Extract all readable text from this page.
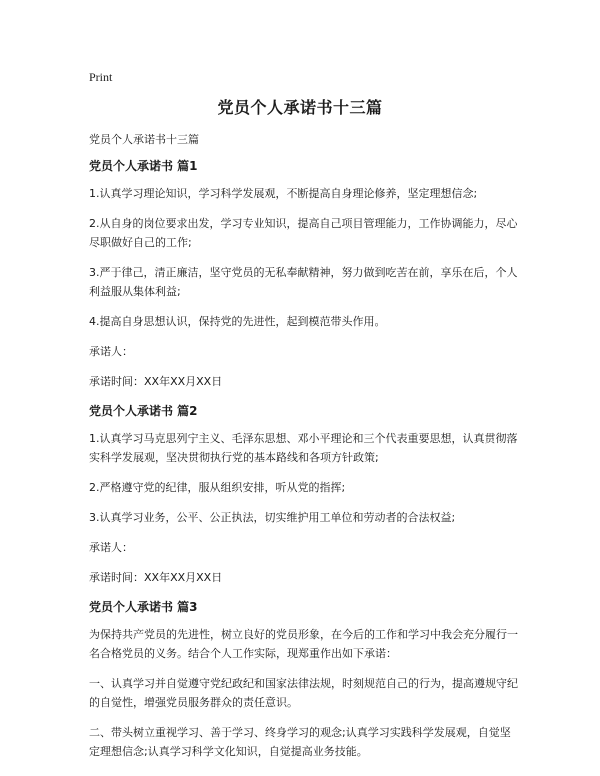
Print
党员个人承诺书十三篇

党员个人承诺书十三篇

党员个人承诺书 篇1

1.认真学习理论知识，学习科学发展观，不断提高自身理论修养，坚定理想信念;

2.从自身的岗位要求出发，学习专业知识，提高自己项目管理能力，工作协调能力，尽心尽职做好自己的工作;

3.严于律己，清正廉洁，坚守党员的无私奉献精神，努力做到吃苦在前，享乐在后，个人利益服从集体利益;

4.提高自身思想认识，保持党的先进性，起到模范带头作用。

承诺人：

承诺时间：XX年XX月XX日

党员个人承诺书 篇2

1.认真学习马克思列宁主义、毛泽东思想、邓小平理论和三个代表重要思想，认真贯彻落实科学发展观，坚决贯彻执行党的基本路线和各项方针政策;

2.严格遵守党的纪律，服从组织安排，听从党的指挥;

3.认真学习业务，公平、公正执法，切实维护用工单位和劳动者的合法权益;

承诺人：

承诺时间：XX年XX月XX日

党员个人承诺书 篇3

为保持共产党员的先进性，树立良好的党员形象，在今后的工作和学习中我会充分履行一名合格党员的义务。结合个人工作实际，现郑重作出如下承诺：

一、认真学习并自觉遵守党纪政纪和国家法律法规，时刻规范自己的行为，提高遵规守纪的自觉性，增强党员服务群众的责任意识。

二、带头树立重视学习、善于学习、终身学习的观念;认真学习实践科学发展观，自觉坚定理想信念;认真学习科学文化知识，自觉提高业务技能。
